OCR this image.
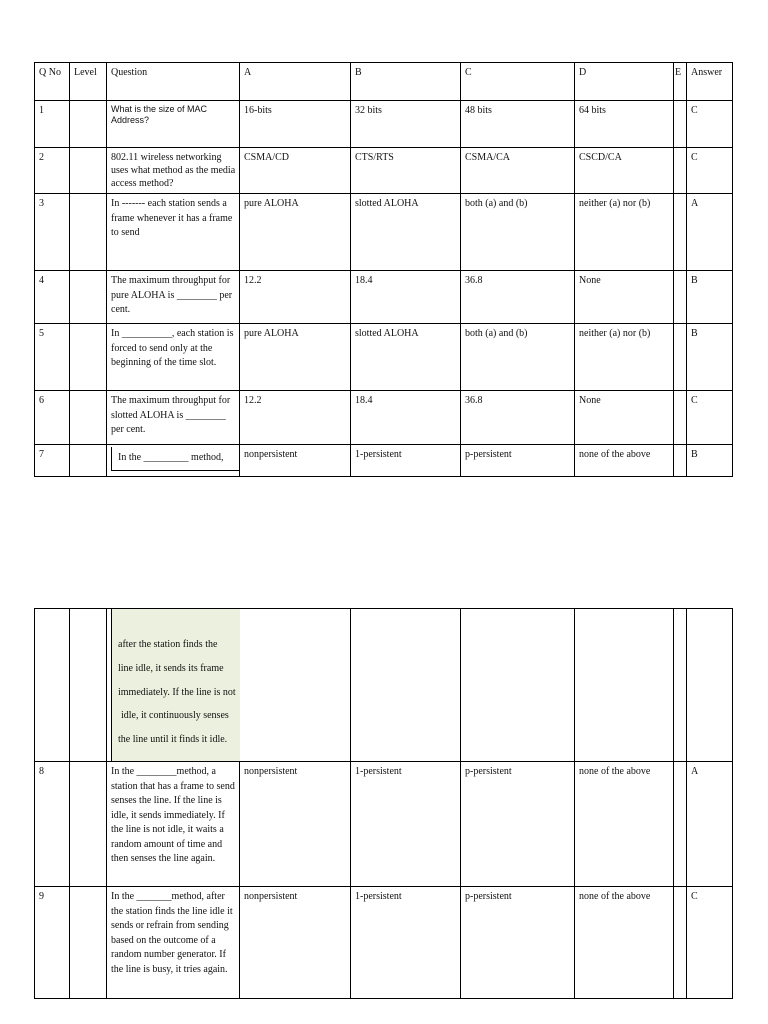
Q No	Level	Question	A	B	C	D	E	Answer
1		What is the size of MAC Address?	16-bits	32 bits	48 bits	64 bits		C
2		802.11 wireless networking uses what method as the media access method?	CSMA/CD	CTS/RTS	CSMA/CA	CSCD/CA		C
3		In ------- each station sends a frame whenever it has a frame to send	pure ALOHA	slotted ALOHA	both (a) and (b)	neither (a) nor (b)		A
4		The maximum throughput for pure ALOHA is ________ per cent.	12.2	18.4	36.8	None		B
5		In __________, each station is forced to send only at the beginning of the time slot.	pure ALOHA	slotted ALOHA	both (a) and (b)	neither (a) nor (b)		B
6		The maximum throughput for slotted ALOHA is ________ per cent.	12.2	18.4	36.8	None		C
7		In the _________ method,	nonpersistent	1-persistent	p-persistent	none of the above		B

		after the station finds the
line idle, it sends its frame
immediately. If the line is not
idle, it continuously senses
the line until it finds it idle.						

8		In the ________method, a station that has a frame to send senses the line. If the line is idle, it sends immediately. If the line is not idle, it waits a random amount of time and then senses the line again.	nonpersistent	1-persistent	p-persistent	none of the above		A
9		In the _______method, after the station finds the line idle it sends or refrain from sending based on the outcome of a random number generator. If the line is busy, it tries again.	nonpersistent	1-persistent	p-persistent	none of the above		C
